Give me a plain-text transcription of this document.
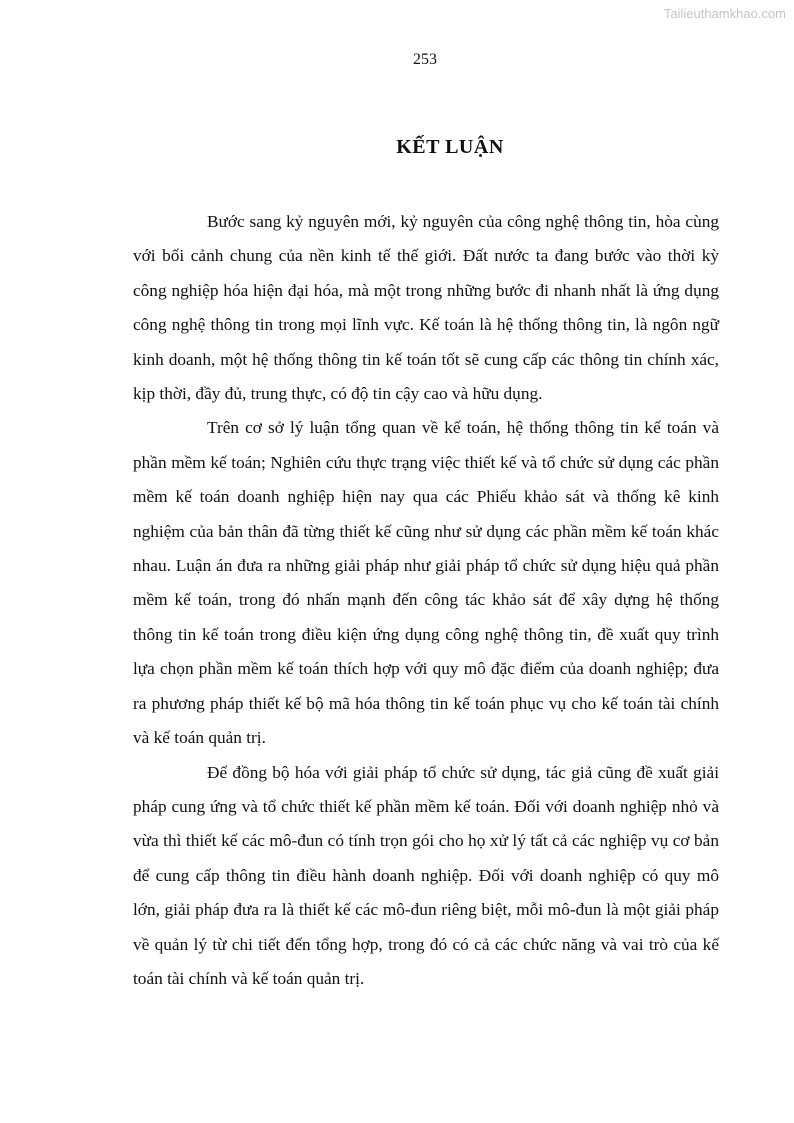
Tailieuthamkhao.com
253
KẾT LUẬN

Bước sang kỷ nguyên mới, kỷ nguyên của công nghệ thông tin, hòa cùng với bối cảnh chung của nền kinh tế thế giới. Đất nước ta đang bước vào thời kỳ công nghiệp hóa hiện đại hóa, mà một trong những bước đi nhanh nhất là ứng dụng công nghệ thông tin trong mọi lĩnh vực. Kế toán là hệ thống thông tin, là ngôn ngữ kinh doanh, một hệ thống thông tin kế toán tốt sẽ cung cấp các thông tin chính xác, kịp thời, đầy đủ, trung thực, có độ tin cậy cao và hữu dụng.

Trên cơ sở lý luận tổng quan về kế toán, hệ thống thông tin kế toán và phần mềm kế toán; Nghiên cứu thực trạng việc thiết kế và tổ chức sử dụng các phần mềm kế toán doanh nghiệp hiện nay qua các Phiếu khảo sát và thống kê kinh nghiệm của bản thân đã từng thiết kế cũng như sử dụng các phần mềm kế toán khác nhau. Luận án đưa ra những giải pháp như giải pháp tổ chức sử dụng hiệu quả phần mềm kế toán, trong đó nhấn mạnh đến công tác khảo sát để xây dựng hệ thống thông tin kế toán trong điều kiện ứng dụng công nghệ thông tin, đề xuất quy trình lựa chọn phần mềm kế toán thích hợp với quy mô đặc điểm của doanh nghiệp; đưa ra phương pháp thiết kế bộ mã hóa thông tin kế toán phục vụ cho kế toán tài chính và kế toán quản trị.

Để đồng bộ hóa với giải pháp tổ chức sử dụng, tác giả cũng đề xuất giải pháp cung ứng và tổ chức thiết kế phần mềm kế toán. Đối với doanh nghiệp nhỏ và vừa thì thiết kế các mô-đun có tính trọn gói cho họ xử lý tất cả các nghiệp vụ cơ bản để cung cấp thông tin điều hành doanh nghiệp. Đối với doanh nghiệp có quy mô lớn, giải pháp đưa ra là thiết kế các mô-đun riêng biệt, mỗi mô-đun là một giải pháp về quản lý từ chi tiết đến tổng hợp, trong đó có cả các chức năng và vai trò của kế toán tài chính và kế toán quản trị.
